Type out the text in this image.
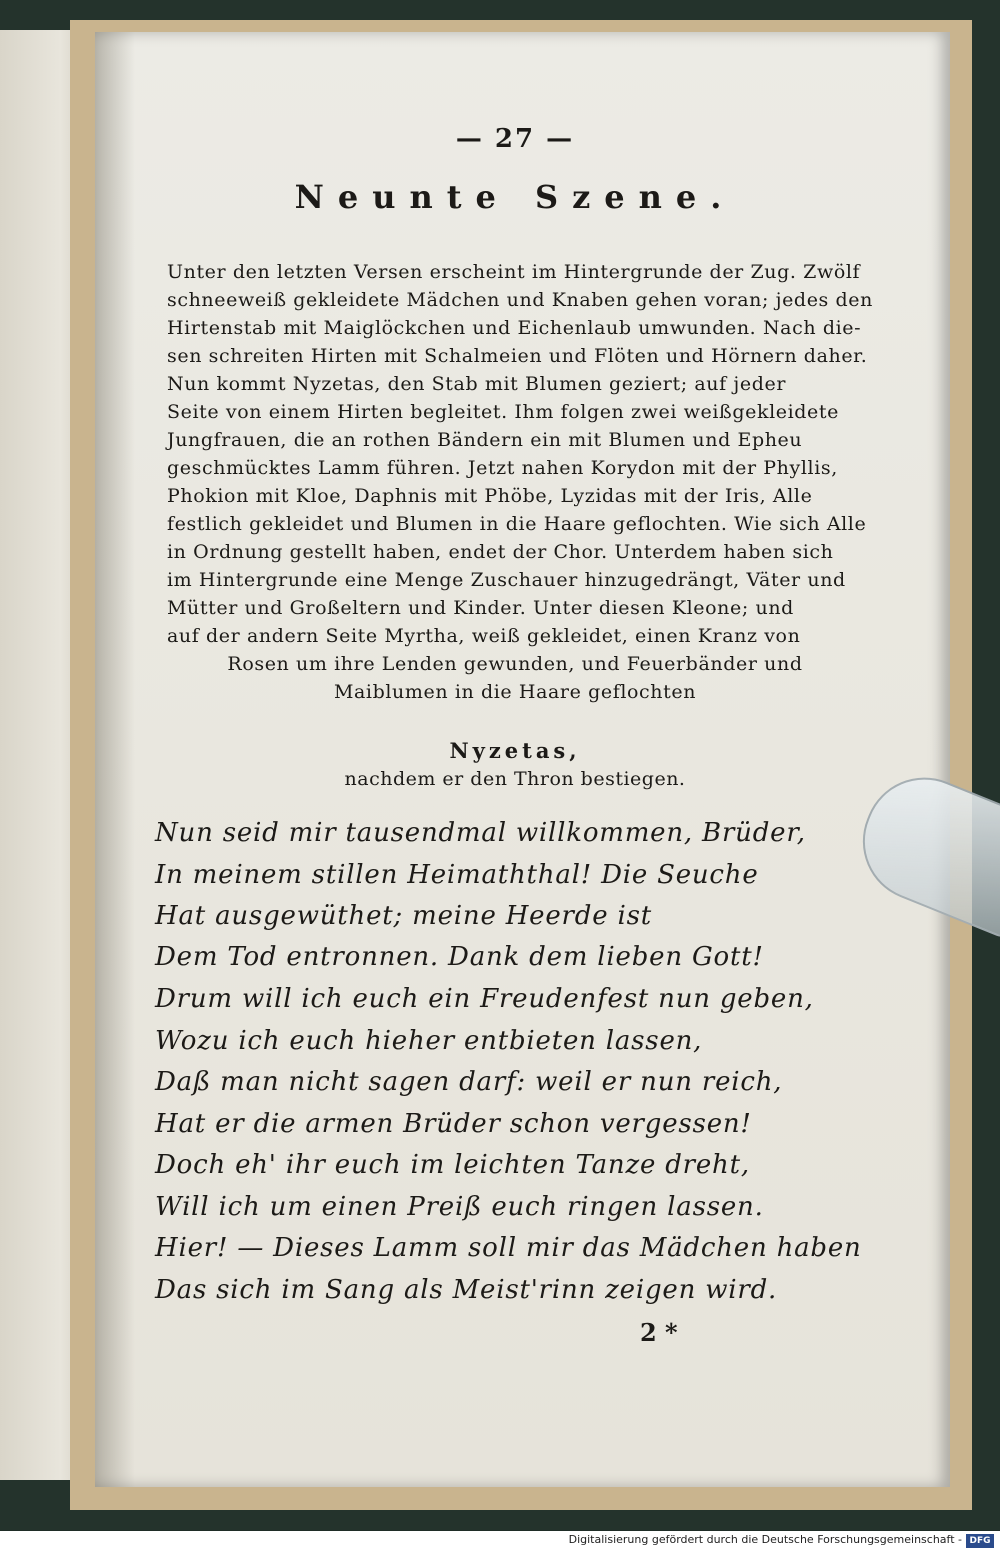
— 27 —
Neunte Szene.
Unter den letzten Versen erscheint im Hintergrunde der Zug. Zwölf
schneeweiß gekleidete Mädchen und Knaben gehen voran; jedes den
Hirtenstab mit Maiglöckchen und Eichenlaub umwunden. Nach die-
sen schreiten Hirten mit Schalmeien und Flöten und Hörnern daher.
Nun kommt Nyzetas, den Stab mit Blumen geziert; auf jeder
Seite von einem Hirten begleitet. Ihm folgen zwei weißgekleidete
Jungfrauen, die an rothen Bändern ein mit Blumen und Epheu
geschmücktes Lamm führen. Jetzt nahen Korydon mit der Phyllis,
Phokion mit Kloe, Daphnis mit Phöbe, Lyzidas mit der Iris, Alle
festlich gekleidet und Blumen in die Haare geflochten. Wie sich Alle
in Ordnung gestellt haben, endet der Chor. Unterdem haben sich
im Hintergrunde eine Menge Zuschauer hinzugedrängt, Väter und
Mütter und Großeltern und Kinder. Unter diesen Kleone; und
auf der andern Seite Myrtha, weiß gekleidet, einen Kranz von
Rosen um ihre Lenden gewunden, und Feuerbänder und
Maiblumen in die Haare geflochten
Nyzetas,
nachdem er den Thron bestiegen.
Nun seid mir tausendmal willkommen, Brüder,
In meinem stillen Heimaththal! Die Seuche
Hat ausgewüthet; meine Heerde ist
Dem Tod entronnen. Dank dem lieben Gott!
Drum will ich euch ein Freudenfest nun geben,
Wozu ich euch hieher entbieten lassen,
Daß man nicht sagen darf: weil er nun reich,
Hat er die armen Brüder schon vergessen!
Doch eh' ihr euch im leichten Tanze dreht,
Will ich um einen Preiß euch ringen lassen.
Hier! — Dieses Lamm soll mir das Mädchen haben
Das sich im Sang als Meist'rinn zeigen wird.
2 *
Digitalisierung gefördert durch die Deutsche Forschungsgemeinschaft - DFG
